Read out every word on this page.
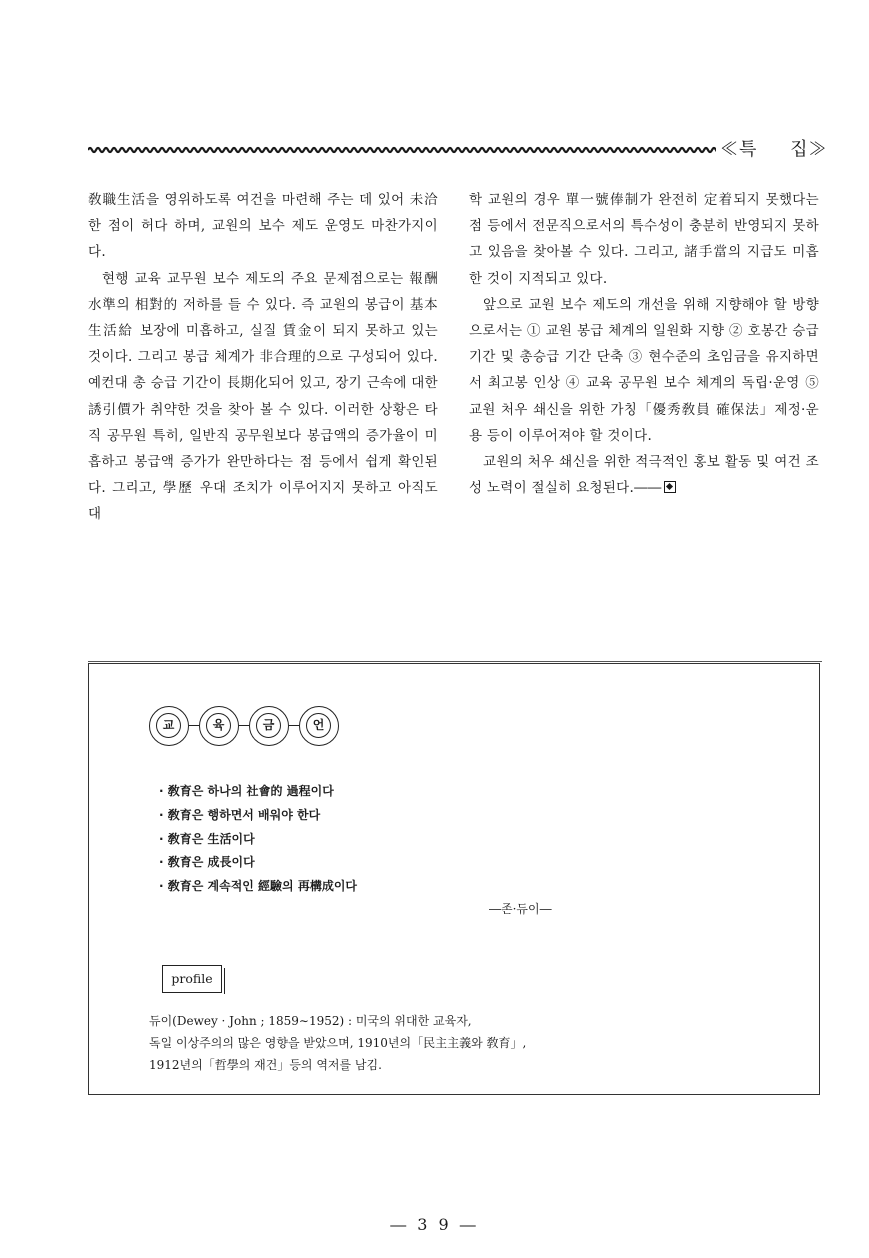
≪특 집≫

敎職生活을 영위하도록 여건을 마련해 주는 데 있어 未洽한 점이 허다 하며, 교원의 보수 제도 운영도 마찬가지이다.

현행 교육 교무원 보수 제도의 주요 문제점으로는 報酬水準의 相對的 저하를 들 수 있다. 즉 교원의 봉급이 基本生活給 보장에 미흡하고, 실질 賃金이 되지 못하고 있는 것이다. 그리고 봉급 체계가 非合理的으로 구성되어 있다. 예컨대 총 승급 기간이 長期化되어 있고, 장기 근속에 대한 誘引價가 취약한 것을 찾아 볼 수 있다. 이러한 상황은 타직 공무원 특히, 일반직 공무원보다 봉급액의 증가율이 미흡하고 봉급액 증가가 완만하다는 점 등에서 쉽게 확인된다. 그리고, 學歷 우대 조치가 이루어지지 못하고 아직도 대

학 교원의 경우 單一號俸制가 완전히 定着되지 못했다는 점 등에서 전문직으로서의 특수성이 충분히 반영되지 못하고 있음을 찾아볼 수 있다. 그리고, 諸手當의 지급도 미흡한 것이 지적되고 있다.

앞으로 교원 보수 제도의 개선을 위해 지향해야 할 방향으로서는 ① 교원 봉급 체계의 일원화 지향 ② 호봉간 승급 기간 및 총승급 기간 단축 ③ 현수준의 초임금을 유지하면서 최고봉 인상 ④ 교육 공무원 보수 체계의 독립·운영 ⑤ 교원 처우 쇄신을 위한 가칭「優秀敎員 確保法」제정·운용 등이 이루어져야 할 것이다.

교원의 처우 쇄신을 위한 적극적인 홍보 활동 및 여건 조성 노력이 절실히 요청된다.――

교	육	금	언
· 敎育은 하나의 社會的 過程이다
· 敎育은 행하면서 배워야 한다
· 敎育은 生活이다
· 敎育은 成長이다
· 敎育은 계속적인 經驗의 再構成이다
―존·듀이―
profile
듀이(Dewey · John ; 1859∼1952) : 미국의 위대한 교육자,
독일 이상주의의 많은 영향을 받았으며, 1910년의「民主主義와 敎育」,
1912년의「哲學의 재건」등의 역저를 남김.
― 3 9 ―
